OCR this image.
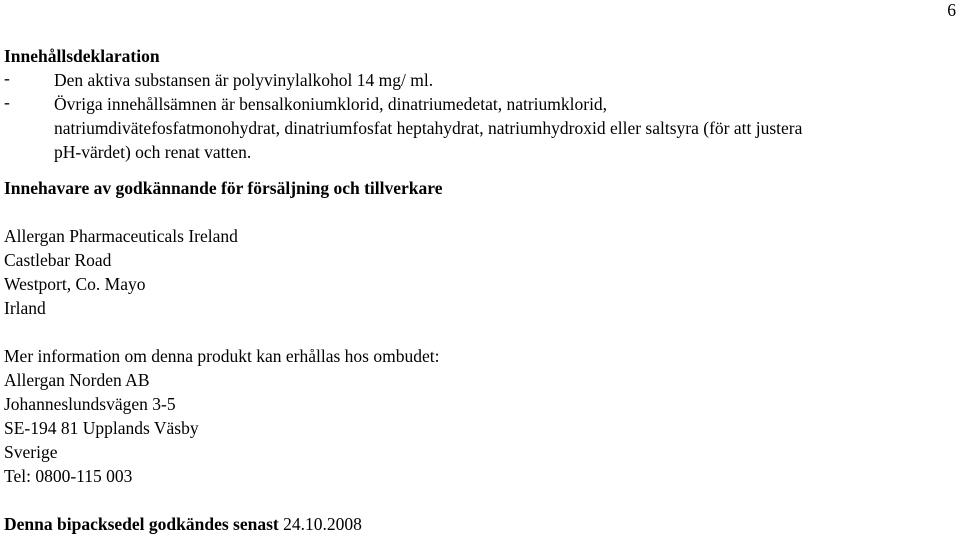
6
Innehållsdeklaration
-	Den aktiva substansen är polyvinylalkohol 14 mg/ ml.
-	Övriga innehållsämnen är bensalkoniumklorid, dinatriumedetat, natriumklorid,
natriumdivätefosfatmonohydrat, dinatriumfosfat heptahydrat, natriumhydroxid eller saltsyra (för att justera
pH-värdet) och renat vatten.
Innehavare av godkännande för försäljning och tillverkare
Allergan Pharmaceuticals Ireland
Castlebar Road
Westport, Co. Mayo
Irland
Mer information om denna produkt kan erhållas hos ombudet:
Allergan Norden AB
Johanneslundsvägen 3-5
SE-194 81 Upplands Väsby
Sverige
Tel: 0800-115 003
Denna bipacksedel godkändes senast 24.10.2008
